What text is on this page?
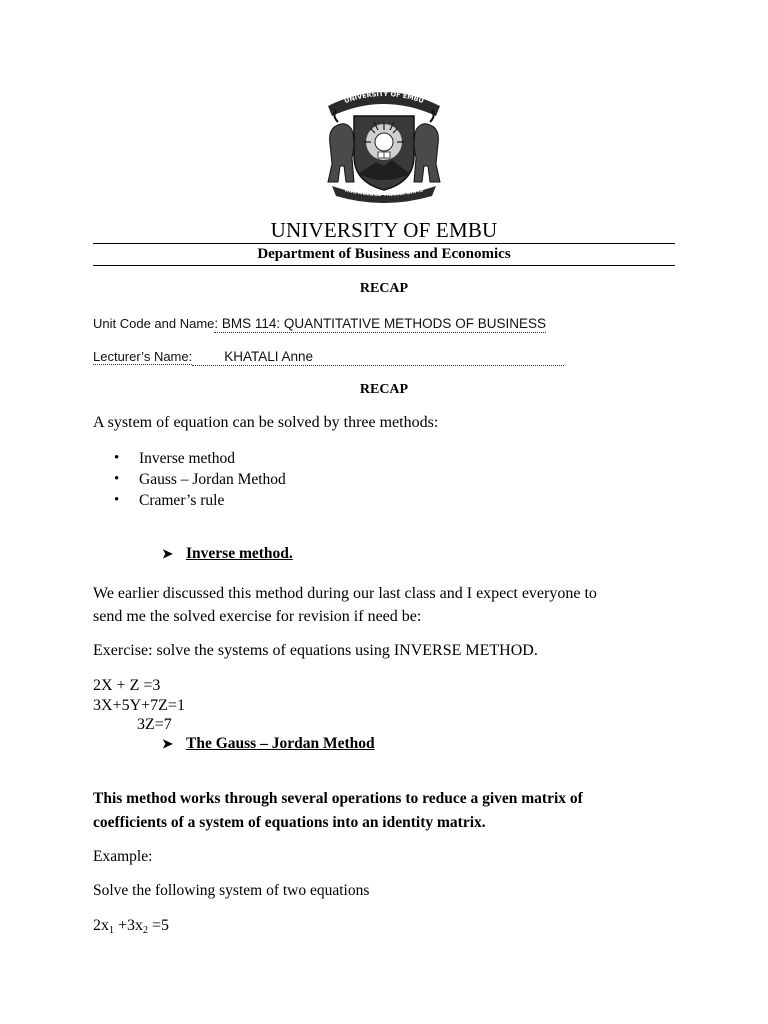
UNIVERSITY OF EMBU
KNOWLEDGE TRANSFORMS
UNIVERSITY OF EMBU
Department of Business and Economics
RECAP
Unit Code and Name: BMS 114: QUANTITATIVE METHODS OF BUSINESS
Lecturer’s Name: KHATALI Anne
RECAP
A system of equation can be solved by three methods:
• Inverse method
• Gauss – Jordan Method
• Cramer’s rule
➤ Inverse method.
We earlier discussed this method during our last class and I expect everyone to
send me the solved exercise for revision if need be:
Exercise: solve the systems of equations using INVERSE METHOD.
2X + Z =3
3X+5Y+7Z=1
3Z=7
➤ The Gauss – Jordan Method
This method works through several operations to reduce a given matrix of
coefficients of a system of equations into an identity matrix.
Example:
Solve the following system of two equations
$2x_1 +3x_2 =5$
